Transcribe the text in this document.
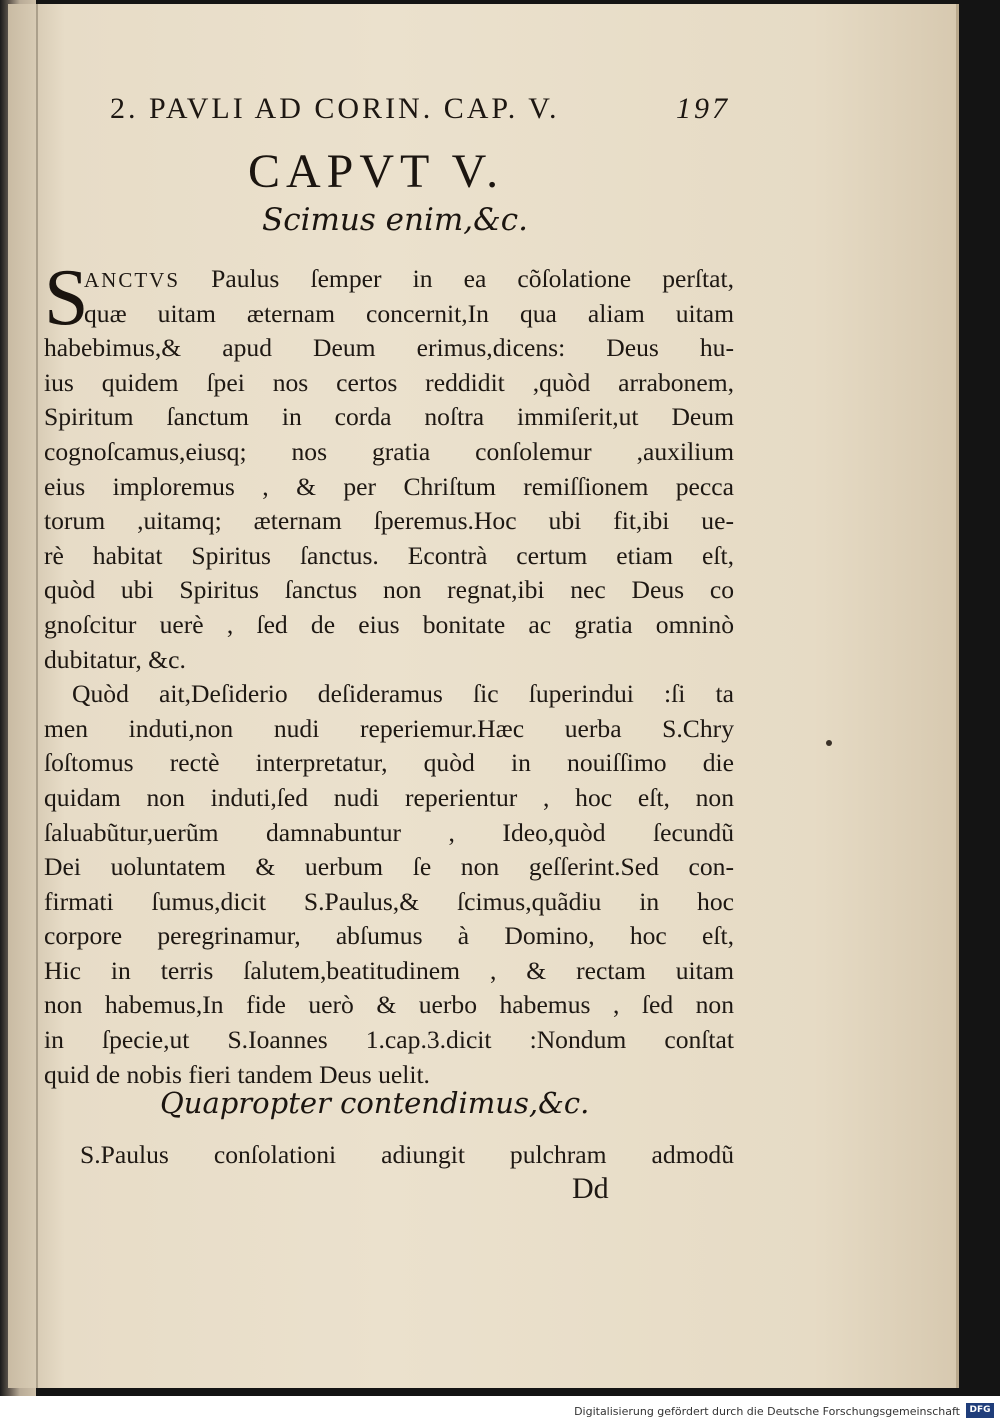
2. PAVLI AD CORIN. CAP. V.	197
CAPVT V.
Scimus enim,&c.
S
ANCTVS Paulus ſemper in ea cõſolatione perſtat,
quæ uitam æternam concernit,In qua aliam uitam
habebimus,& apud Deum erimus,dicens: Deus hu-
ius quidem ſpei nos certos reddidit ,quòd arrabonem,
Spiritum ſanctum in corda noſtra immiſerit,ut Deum
cognoſcamus,eiusq; nos gratia conſolemur ,auxilium
eius imploremus , & per Chriſtum remiſſionem pecca
torum ,uitamq; æternam ſperemus.Hoc ubi fit,ibi ue-
rè habitat Spiritus ſanctus. Econtrà certum etiam eſt,
quòd ubi Spiritus ſanctus non regnat,ibi nec Deus co
gnoſcitur uerè , ſed de eius bonitate ac gratia omninò
dubitatur, &c.
Quòd ait,Deſiderio deſideramus ſic ſuperindui :ſi ta
men induti,non nudi reperiemur.Hæc uerba S.Chry
ſoſtomus rectè interpretatur, quòd in nouiſſimo die
quidam non induti,ſed nudi reperientur , hoc eſt, non
ſaluabũtur,uerũm damnabuntur , Ideo,quòd ſecundũ
Dei uoluntatem & uerbum ſe non geſſerint.Sed con-
firmati ſumus,dicit S.Paulus,& ſcimus,quãdiu in hoc
corpore peregrinamur, abſumus à Domino, hoc eſt,
Hic in terris ſalutem,beatitudinem , & rectam uitam
non habemus,In fide uerò & uerbo habemus , ſed non
in ſpecie,ut S.Ioannes 1.cap.3.dicit :Nondum conſtat
quid de nobis fieri tandem Deus uelit.
Quapropter contendimus,&c.
S.Paulus conſolationi adiungit pulchram admodũ
Dd
Digitalisierung gefördert durch die Deutsche Forschungsgemeinschaft	DFG
